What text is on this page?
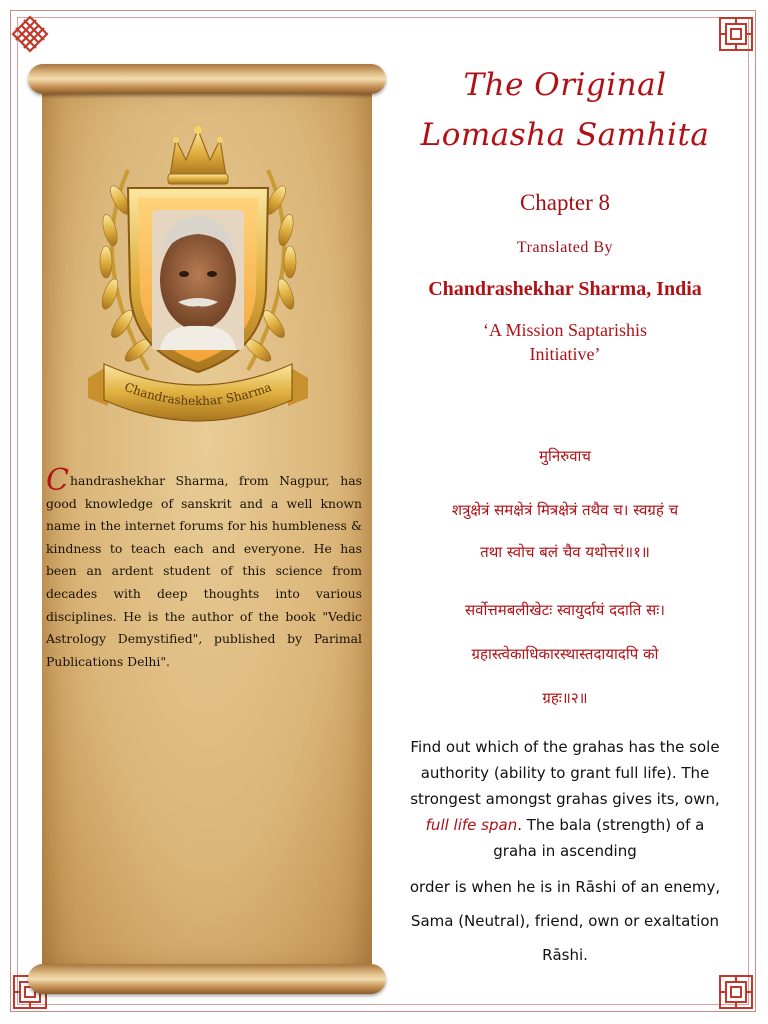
Chandrashekhar Sharma
Chandrashekhar Sharma, from Nagpur, has good knowledge of sanskrit and a well known name in the internet forums for his humbleness & kindness to teach each and everyone. He has been an ardent student of this science from decades with deep thoughts into various disciplines. He is the author of the book "Vedic Astrology Demystified", published by Parimal Publications Delhi".
The Original
Lomasha Samhita
Chapter 8
Translated By
Chandrashekhar Sharma, India
‘A Mission Saptarishis
Initiative’
मुनिरुवाच
शत्रुक्षेत्रं समक्षेत्रं मित्रक्षेत्रं तथैव च। स्वग्रहं च
तथा स्वोच बलं चैव यथोत्तरं॥१॥
सर्वोत्तमबलीखेटः स्वायुर्दायं ददाति सः।
ग्रहास्त्वेकाधिकारस्थास्तदायादपि को
ग्रहः॥२॥
Find out which of the grahas has the sole authority (ability to grant full life). The strongest amongst grahas gives its, own, full life span. The bala (strength) of a graha in ascending
order is when he is in Rāshi of an enemy, Sama (Neutral), friend, own or exaltation Rāshi.
